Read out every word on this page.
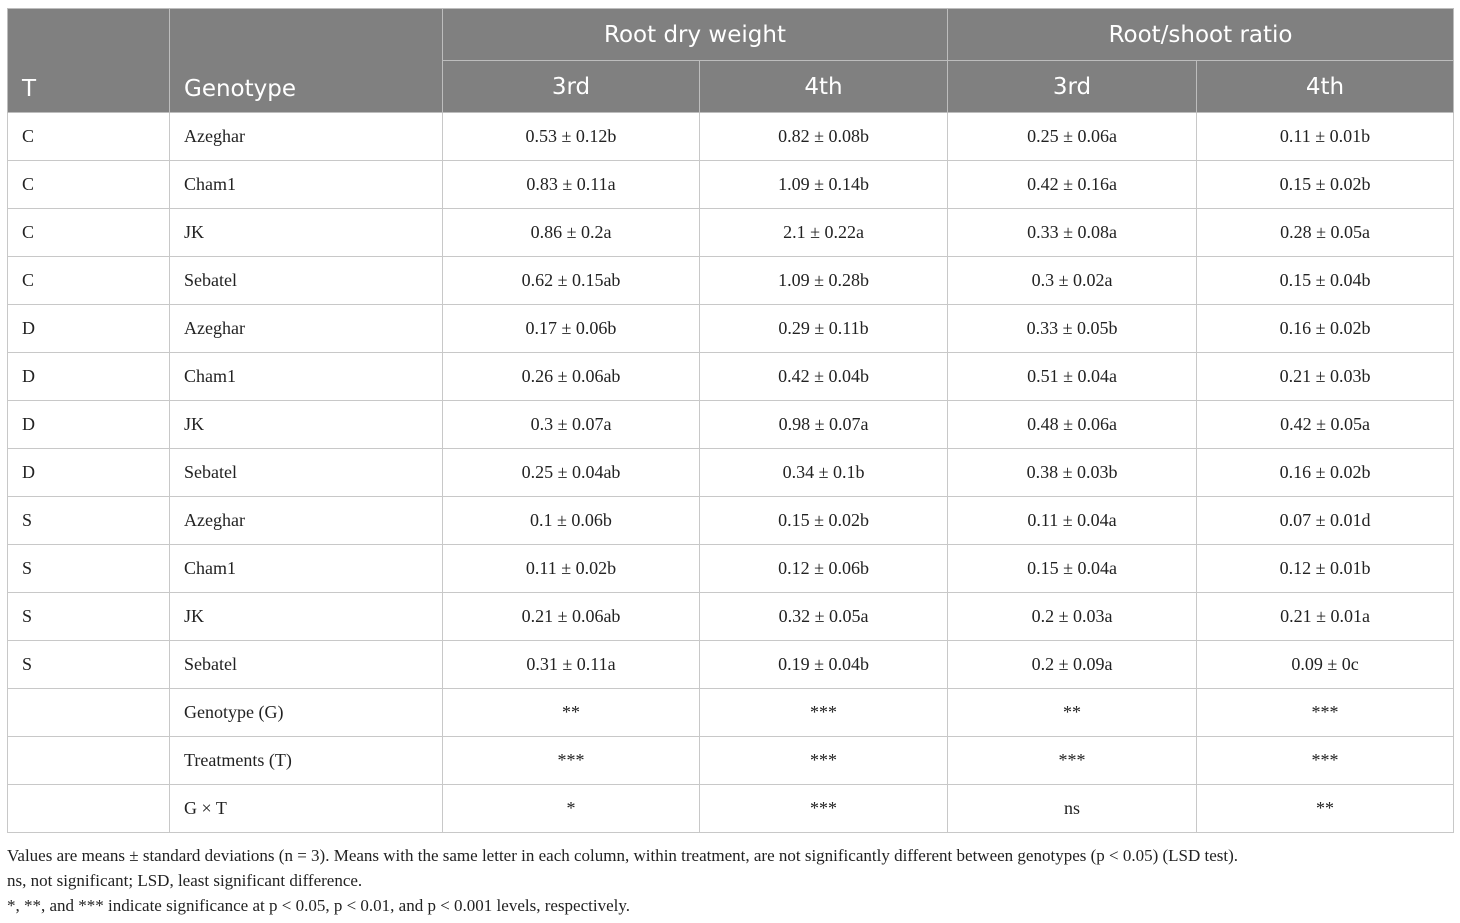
T	Genotype	Root dry weight		Root/shoot ratio	
		3rd	4th	3rd	4th
C	Azeghar	0.53 ± 0.12b	0.82 ± 0.08b	0.25 ± 0.06a	0.11 ± 0.01b
C	Cham1	0.83 ± 0.11a	1.09 ± 0.14b	0.42 ± 0.16a	0.15 ± 0.02b
C	JK	0.86 ± 0.2a	2.1 ± 0.22a	0.33 ± 0.08a	0.28 ± 0.05a
C	Sebatel	0.62 ± 0.15ab	1.09 ± 0.28b	0.3 ± 0.02a	0.15 ± 0.04b
D	Azeghar	0.17 ± 0.06b	0.29 ± 0.11b	0.33 ± 0.05b	0.16 ± 0.02b
D	Cham1	0.26 ± 0.06ab	0.42 ± 0.04b	0.51 ± 0.04a	0.21 ± 0.03b
D	JK	0.3 ± 0.07a	0.98 ± 0.07a	0.48 ± 0.06a	0.42 ± 0.05a
D	Sebatel	0.25 ± 0.04ab	0.34 ± 0.1b	0.38 ± 0.03b	0.16 ± 0.02b
S	Azeghar	0.1 ± 0.06b	0.15 ± 0.02b	0.11 ± 0.04a	0.07 ± 0.01d
S	Cham1	0.11 ± 0.02b	0.12 ± 0.06b	0.15 ± 0.04a	0.12 ± 0.01b
S	JK	0.21 ± 0.06ab	0.32 ± 0.05a	0.2 ± 0.03a	0.21 ± 0.01a
S	Sebatel	0.31 ± 0.11a	0.19 ± 0.04b	0.2 ± 0.09a	0.09 ± 0c
	Genotype (G)	**	***	**	***
	Treatments (T)	***	***	***	***
	G × T	*	***	ns	**

Values are means ± standard deviations (n = 3). Means with the same letter in each column, within treatment, are not significantly different between genotypes (p < 0.05) (LSD test).

ns, not significant; LSD, least significant difference.

*, **, and *** indicate significance at p < 0.05, p < 0.01, and p < 0.001 levels, respectively.
